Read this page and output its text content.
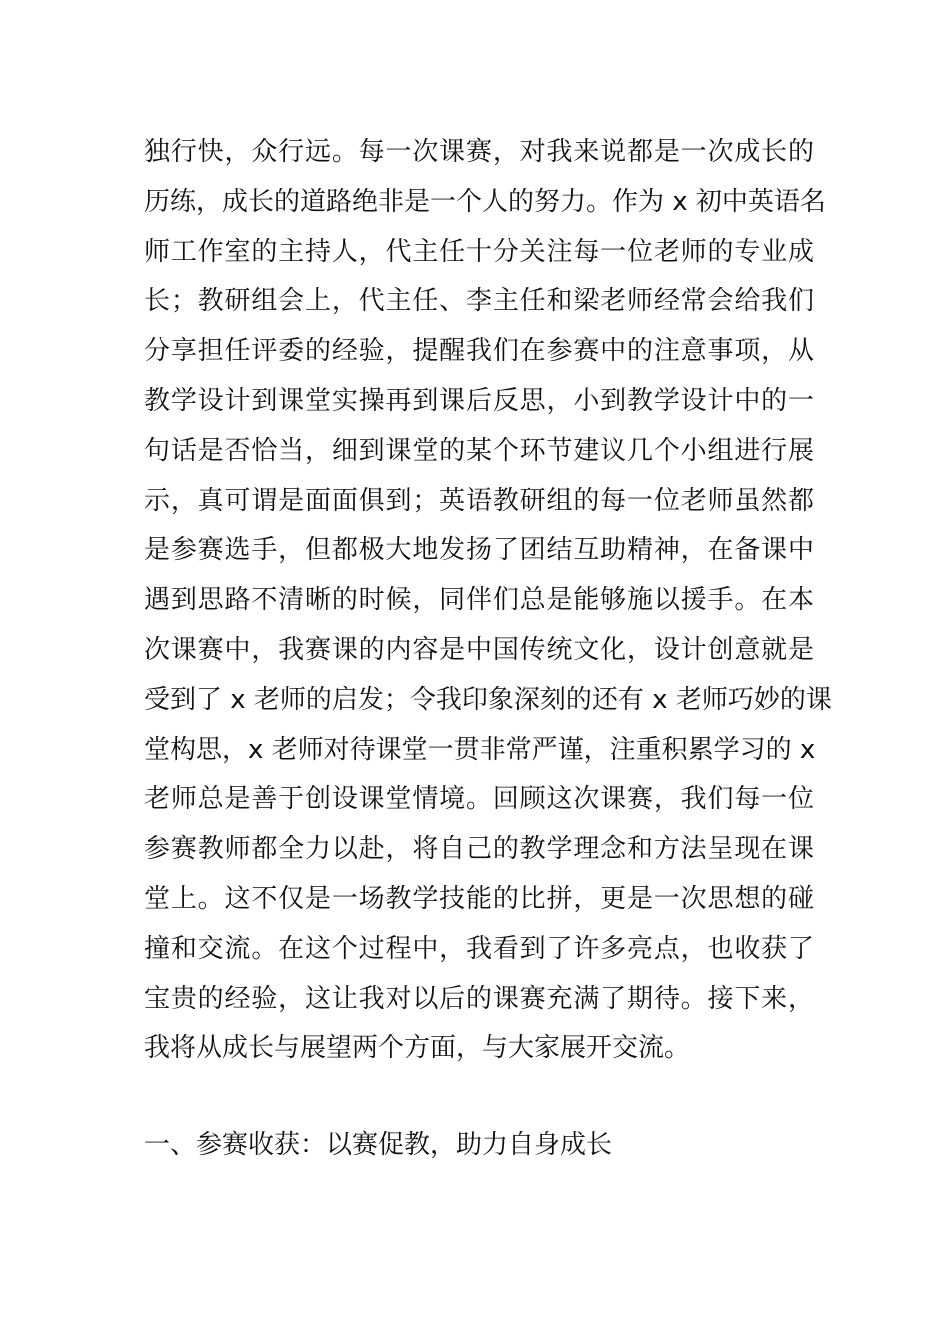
独行快，众行远。每一次课赛，对我来说都是一次成长的
历练，成长的道路绝非是一个人的努力。作为 x 初中英语名
师工作室的主持人，代主任十分关注每一位老师的专业成
长；教研组会上，代主任、李主任和梁老师经常会给我们
分享担任评委的经验，提醒我们在参赛中的注意事项，从
教学设计到课堂实操再到课后反思，小到教学设计中的一
句话是否恰当，细到课堂的某个环节建议几个小组进行展
示，真可谓是面面俱到；英语教研组的每一位老师虽然都
是参赛选手，但都极大地发扬了团结互助精神，在备课中
遇到思路不清晰的时候，同伴们总是能够施以援手。在本
次课赛中，我赛课的内容是中国传统文化，设计创意就是
受到了 x 老师的启发；令我印象深刻的还有 x 老师巧妙的课
堂构思，x 老师对待课堂一贯非常严谨，注重积累学习的 x
老师总是善于创设课堂情境。回顾这次课赛，我们每一位
参赛教师都全力以赴，将自己的教学理念和方法呈现在课
堂上。这不仅是一场教学技能的比拼，更是一次思想的碰
撞和交流。在这个过程中，我看到了许多亮点，也收获了
宝贵的经验，这让我对以后的课赛充满了期待。接下来，
我将从成长与展望两个方面，与大家展开交流。
一、参赛收获：以赛促教，助力自身成长
